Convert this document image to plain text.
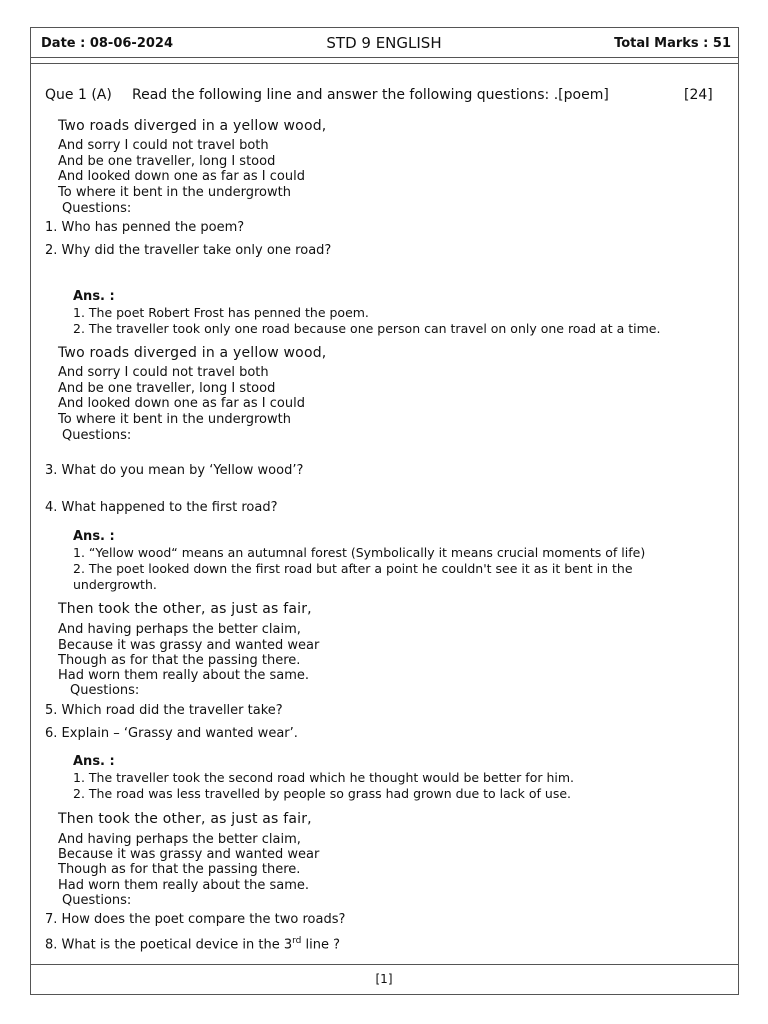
Date : 08-06-2024	STD 9 ENGLISH	Total Marks : 51
Que 1 (A) Read the following line and answer the following questions: .[poem]	[24]
Two roads diverged in a yellow wood,
And sorry I could not travel both
And be one traveller, long I stood
And looked down one as far as I could
To where it bent in the undergrowth
Questions:
1. Who has penned the poem?
2. Why did the traveller take only one road?
Ans. :
1. The poet Robert Frost has penned the poem.
2. The traveller took only one road because one person can travel on only one road at a time.
Two roads diverged in a yellow wood,
And sorry I could not travel both
And be one traveller, long I stood
And looked down one as far as I could
To where it bent in the undergrowth
Questions:
3. What do you mean by ‘Yellow wood’?
4. What happened to the first road?
Ans. :
1. “Yellow wood“ means an autumnal forest (Symbolically it means crucial moments of life)
2. The poet looked down the first road but after a point he couldn't see it as it bent in the
undergrowth.
Then took the other, as just as fair,
And having perhaps the better claim,
Because it was grassy and wanted wear
Though as for that the passing there.
Had worn them really about the same.
Questions:
5. Which road did the traveller take?
6. Explain – ‘Grassy and wanted wear’.
Ans. :
1. The traveller took the second road which he thought would be better for him.
2. The road was less travelled by people so grass had grown due to lack of use.
Then took the other, as just as fair,
And having perhaps the better claim,
Because it was grassy and wanted wear
Though as for that the passing there.
Had worn them really about the same.
Questions:
7. How does the poet compare the two roads?
8. What is the poetical device in the 3rd line ?
[1]
